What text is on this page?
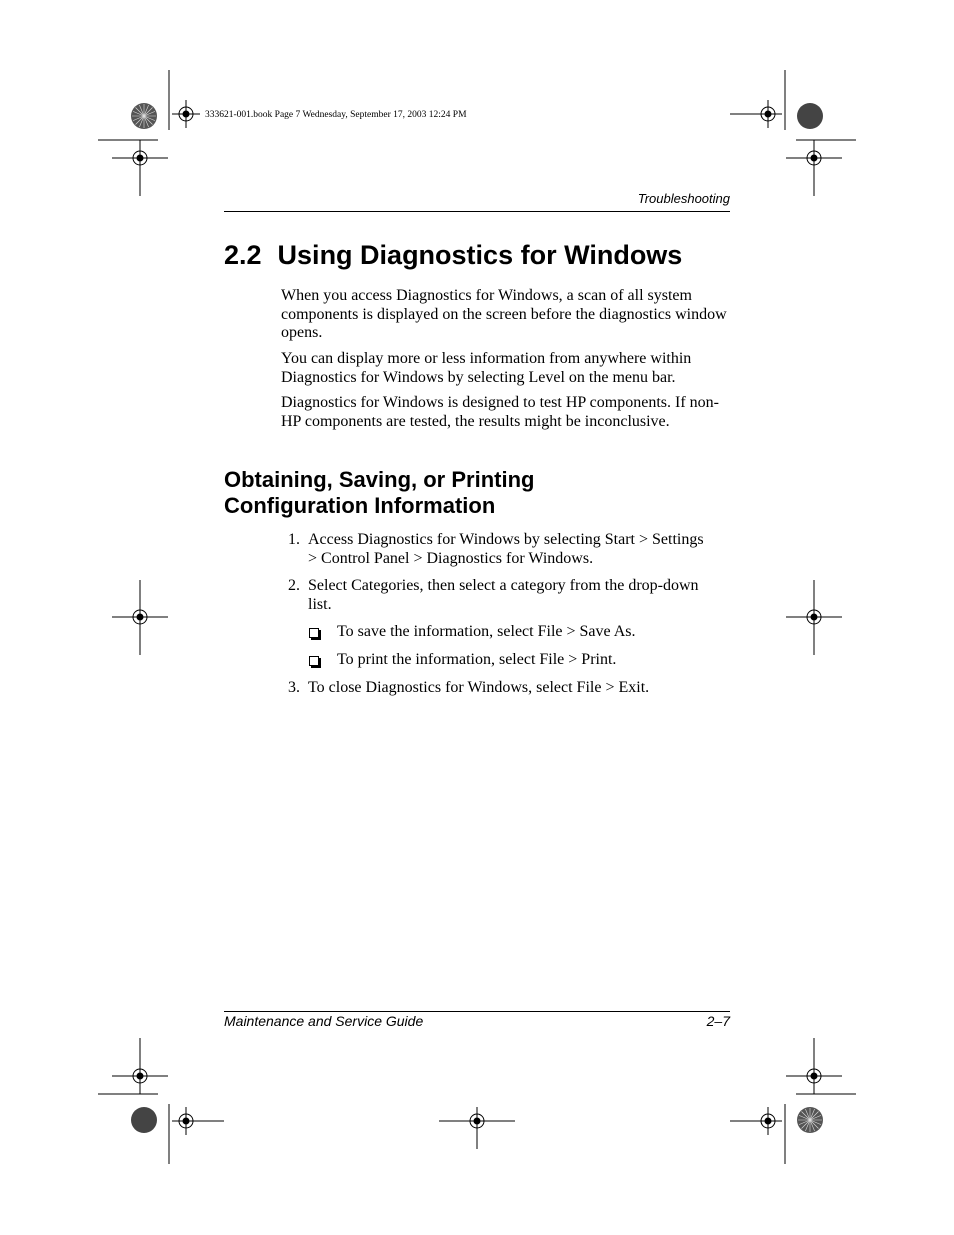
333621-001.book Page 7 Wednesday, September 17, 2003 12:24 PM
Troubleshooting
2.2 Using Diagnostics for Windows

When you access Diagnostics for Windows, a scan of all system components is displayed on the screen before the diagnostics window opens.

You can display more or less information from anywhere within Diagnostics for Windows by selecting Level on the menu bar.

Diagnostics for Windows is designed to test HP components. If non-HP components are tested, the results might be inconclusive.

Obtaining, Saving, or Printing
Configuration Information
1. Access Diagnostics for Windows by selecting Start > Settings > Control Panel > Diagnostics for Windows.
2. Select Categories, then select a category from the drop-down list.
To save the information, select File > Save As.
To print the information, select File > Print.
3. To close Diagnostics for Windows, select File > Exit.
Maintenance and Service Guide	2–7
